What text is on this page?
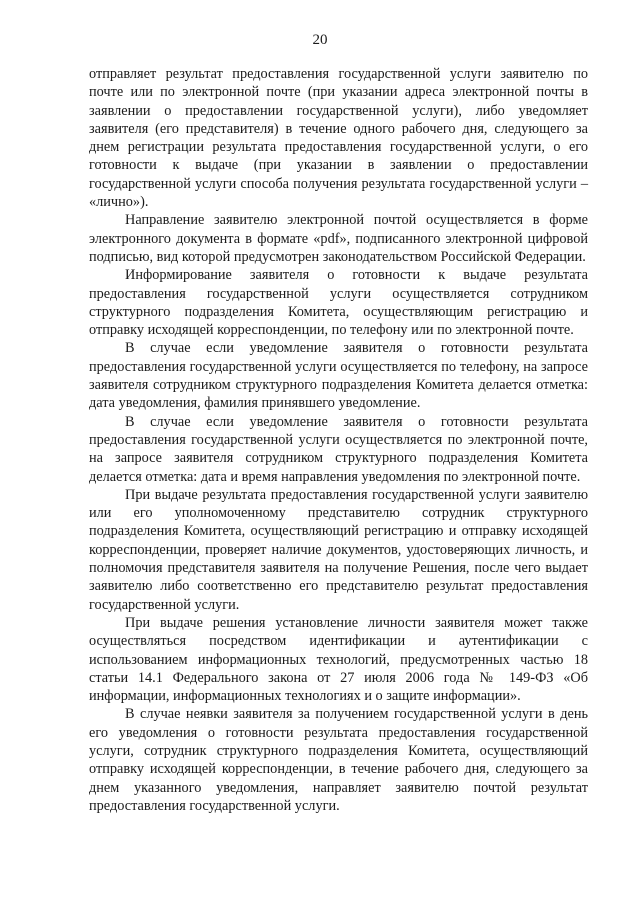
20

отправляет результат предоставления государственной услуги заявителю по почте или по электронной почте (при указании адреса электронной почты в заявлении о предоставлении государственной услуги), либо уведомляет заявителя (его представителя) в течение одного рабочего дня, следующего за днем регистрации результата предоставления государственной услуги, о его готовности к выдаче (при указании в заявлении о предоставлении государственной услуги способа получения результата государственной услуги – «лично»).

Направление заявителю электронной почтой осуществляется в форме электронного документа в формате «pdf», подписанного электронной цифровой подписью, вид которой предусмотрен законодательством Российской Федерации.

Информирование заявителя о готовности к выдаче результата предоставления государственной услуги осуществляется сотрудником структурного подразделения Комитета, осуществляющим регистрацию и отправку исходящей корреспонденции, по телефону или по электронной почте.

В случае если уведомление заявителя о готовности результата предоставления государственной услуги осуществляется по телефону, на запросе заявителя сотрудником структурного подразделения Комитета делается отметка: дата уведомления, фамилия принявшего уведомление.

В случае если уведомление заявителя о готовности результата предоставления государственной услуги осуществляется по электронной почте, на запросе заявителя сотрудником структурного подразделения Комитета делается отметка: дата и время направления уведомления по электронной почте.

При выдаче результата предоставления государственной услуги заявителю или его уполномоченному представителю сотрудник структурного подразделения Комитета, осуществляющий регистрацию и отправку исходящей корреспонденции, проверяет наличие документов, удостоверяющих личность, и полномочия представителя заявителя на получение Решения, после чего выдает заявителю либо соответственно его представителю результат предоставления государственной услуги.

При выдаче решения установление личности заявителя может также осуществляться посредством идентификации и аутентификации с использованием информационных технологий, предусмотренных частью 18 статьи 14.1 Федерального закона от 27 июля 2006 года № 149-ФЗ «Об информации, информационных технологиях и о защите информации».

В случае неявки заявителя за получением государственной услуги в день его уведомления о готовности результата предоставления государственной услуги, сотрудник структурного подразделения Комитета, осуществляющий отправку исходящей корреспонденции, в течение рабочего дня, следующего за днем указанного уведомления, направляет заявителю почтой результат предоставления государственной услуги.
